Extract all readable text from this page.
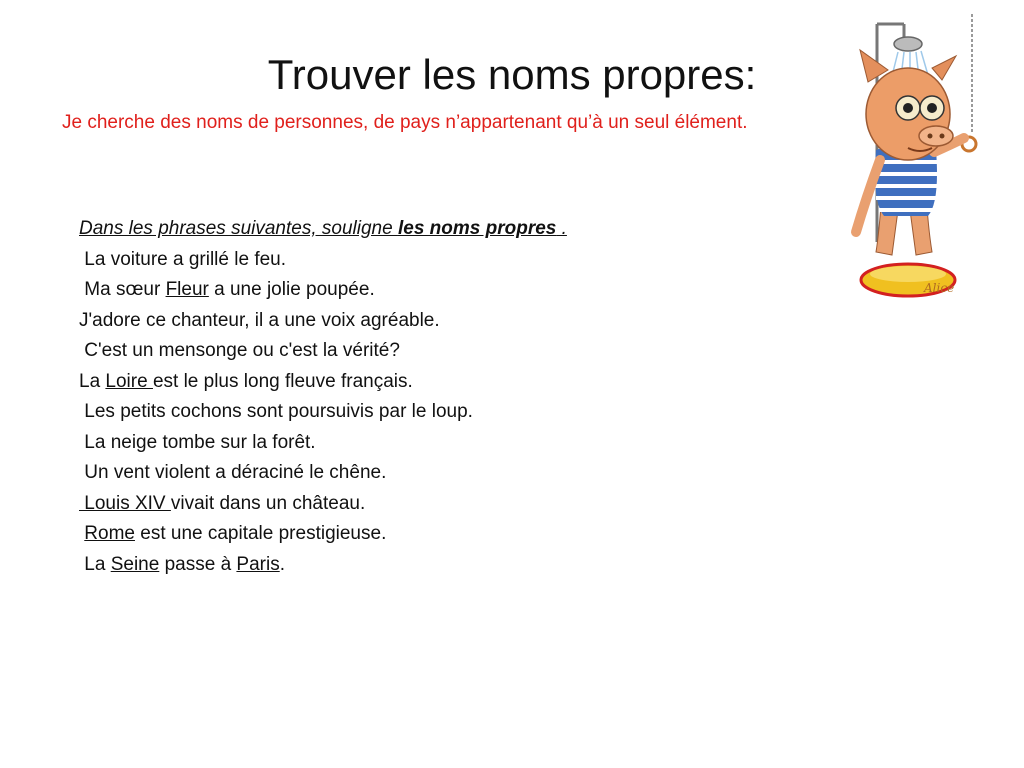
Trouver les noms propres:
Je cherche des noms de personnes, de pays n’appartenant qu’à un seul élément.
Dans les phrases suivantes, souligne les noms propres .
La voiture a grillé le feu.
Ma sœur Fleur a une jolie poupée.
J'adore ce chanteur, il a une voix agréable.
C'est un mensonge ou c'est la vérité?
La Loire est le plus long fleuve français.
Les petits cochons sont poursuivis par le loup.
La neige tombe sur la forêt.
Un vent violent a déraciné le chêne.
Louis XIV vivait dans un château.
Rome est une capitale prestigieuse.
La Seine passe à Paris.
Alice
